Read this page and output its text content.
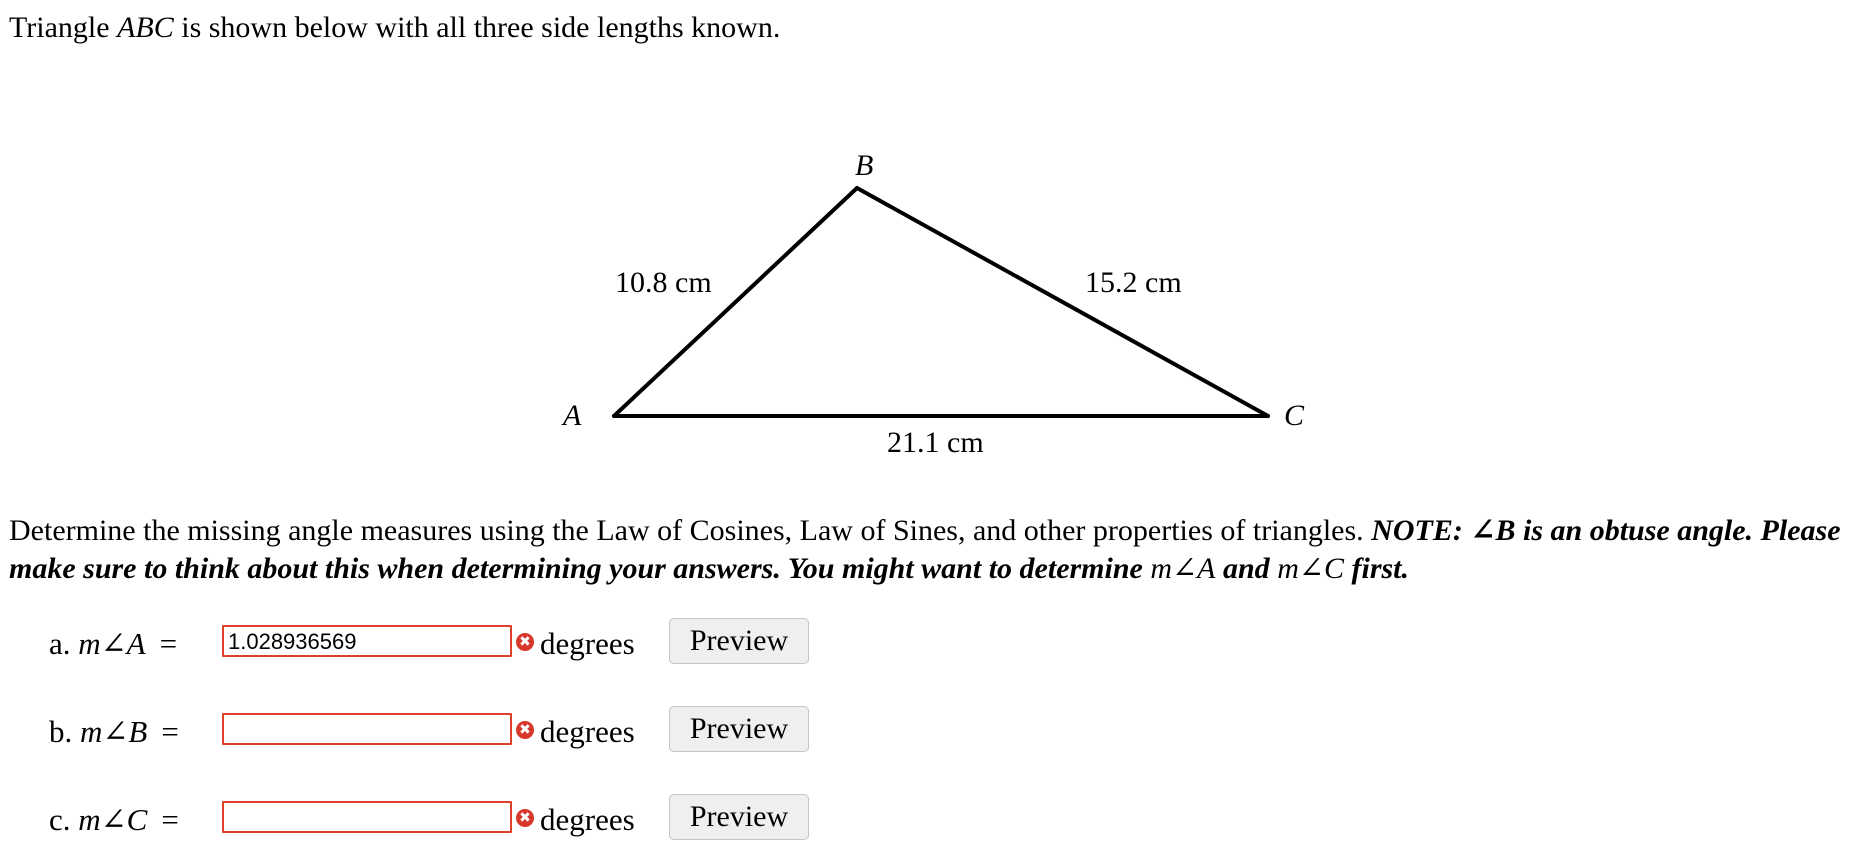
Triangle ABC is shown below with all three side lengths known.
A
B
C
10.8 cm	15.2 cm
21.1 cm
Determine the missing angle measures using the Law of Cosines, Law of Sines, and other properties of triangles. NOTE: ∠B is an obtuse angle. Please make sure to think about this when determining your answers. You might want to determine m∠A and m∠C first.
a. m∠A =
1.028936569	✖ degrees	Preview
b. m∠B =	✖ degrees	Preview
c. m∠C =	✖ degrees	Preview
